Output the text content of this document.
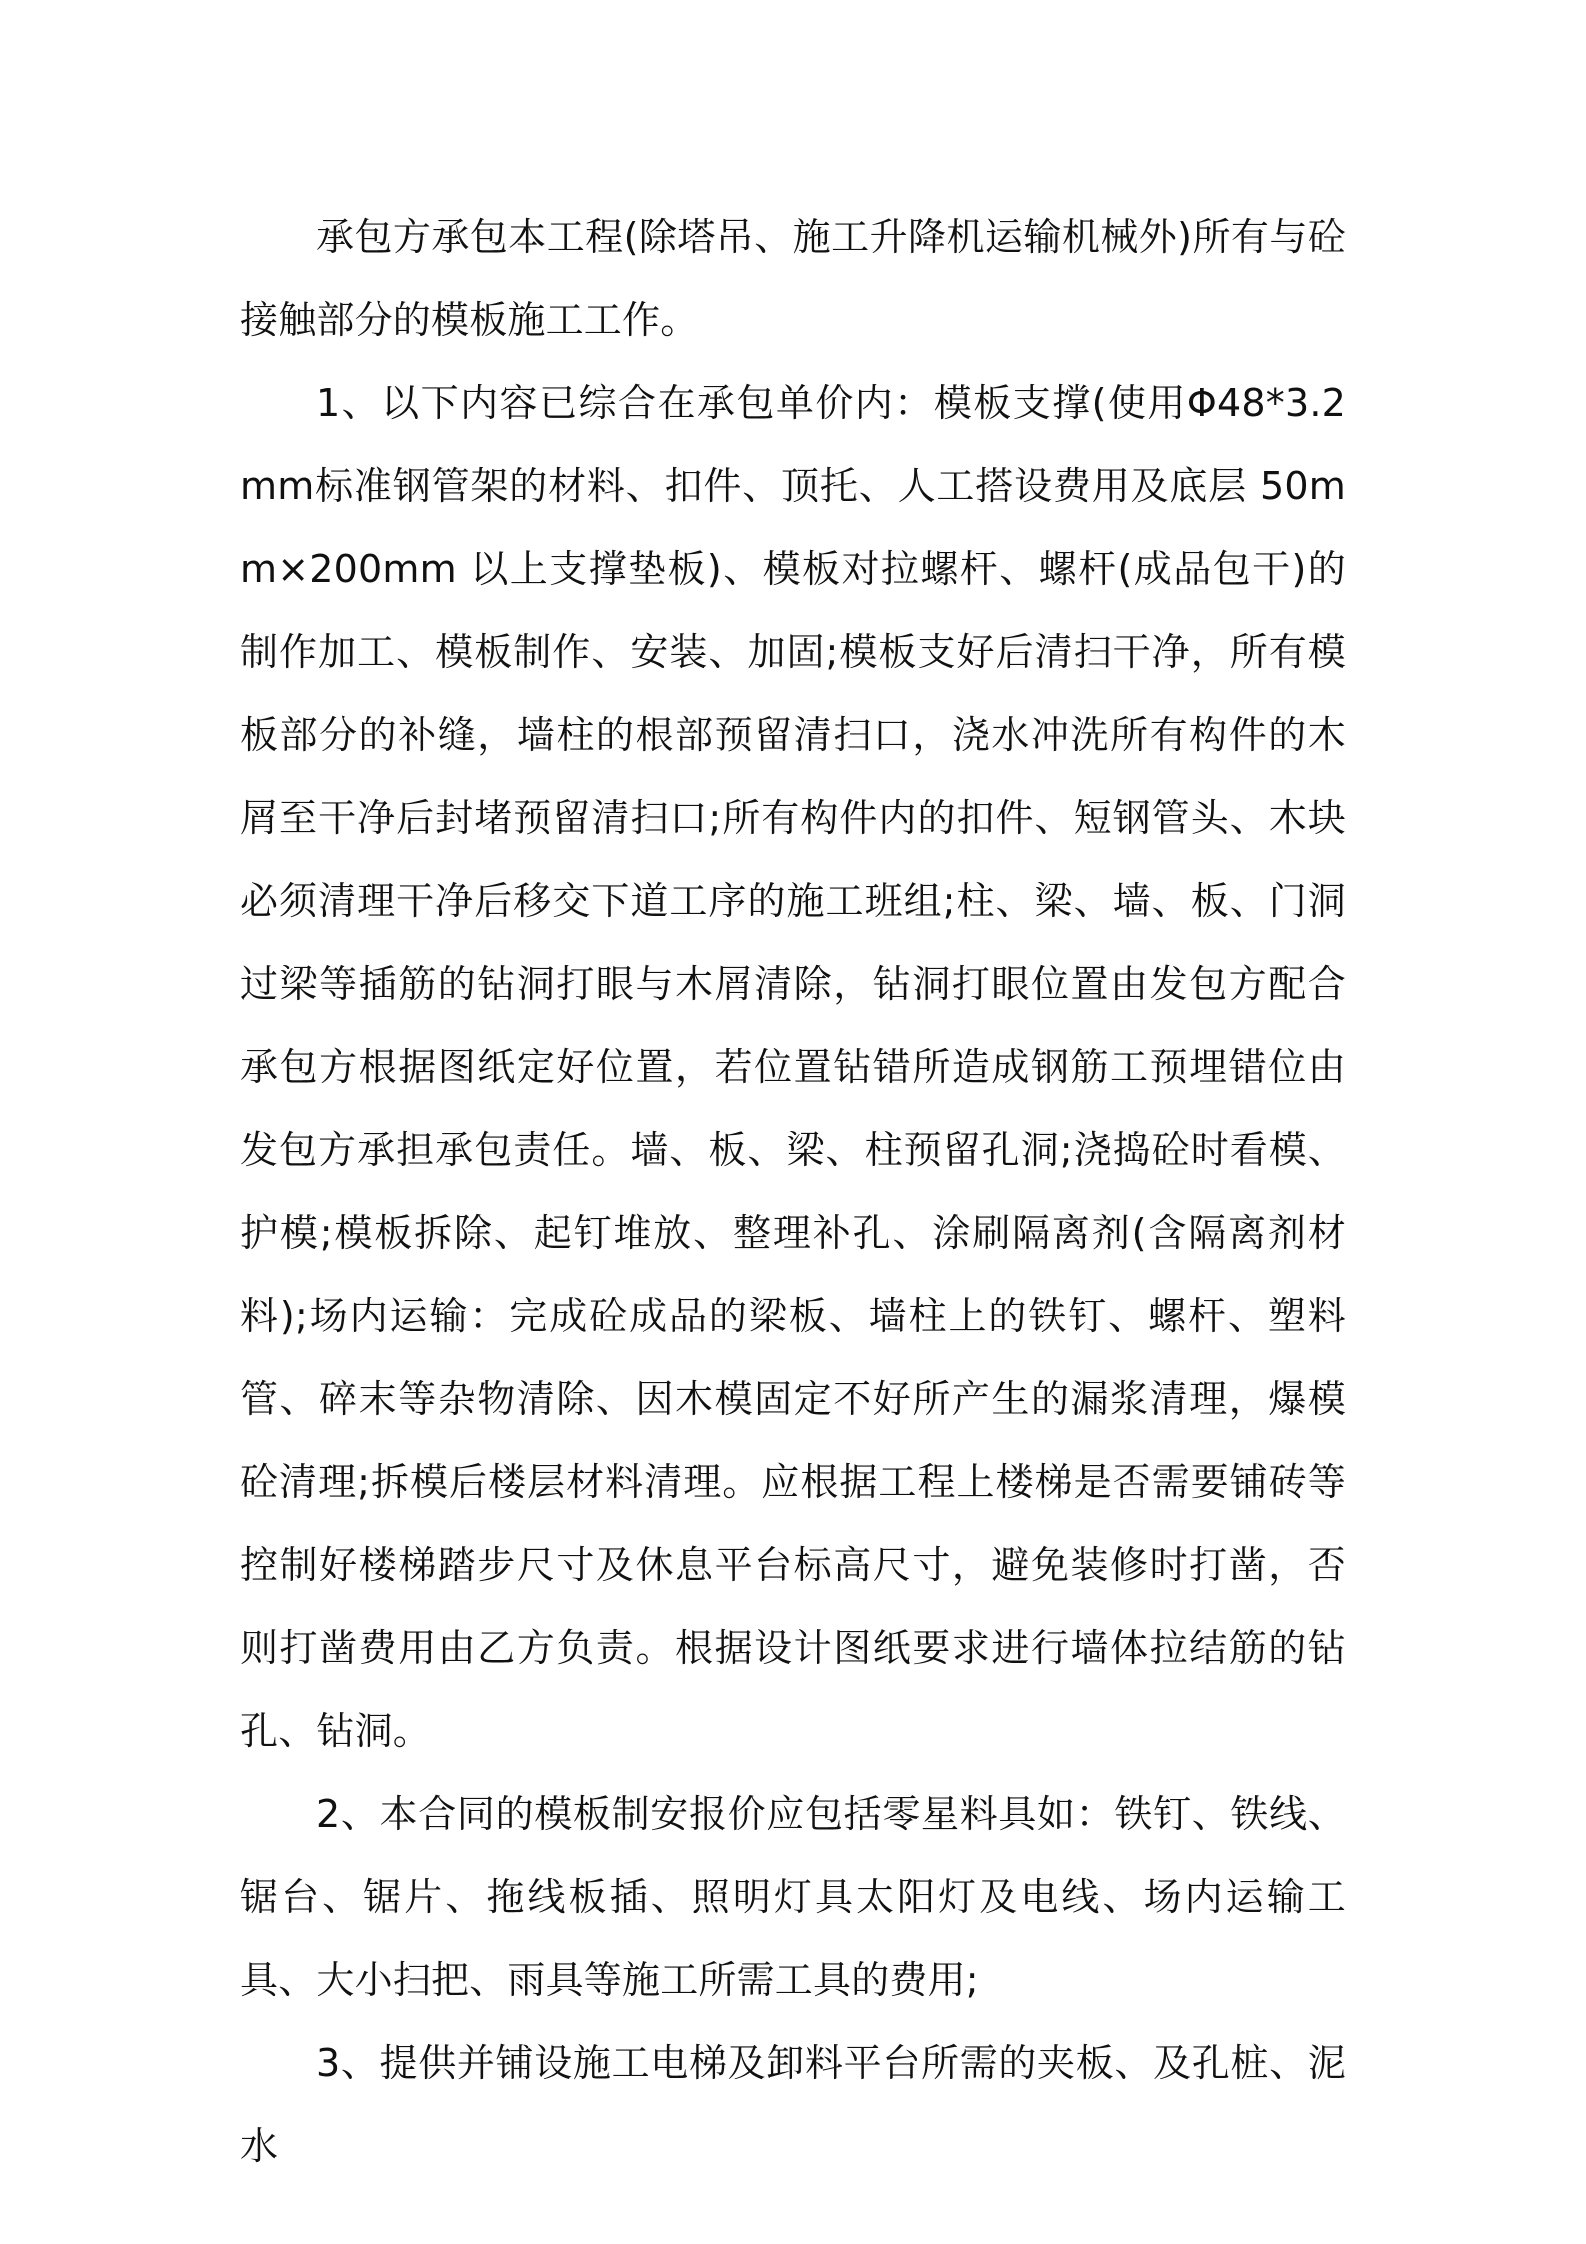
承包方承包本工程(除塔吊、施工升降机运输机械外)所有与砼接触部分的模板施工工作。

1、以下内容已综合在承包单价内：模板支撑(使用Φ48*3.2mm标准钢管架的材料、扣件、顶托、人工搭设费用及底层 50mm×200mm 以上支撑垫板)、模板对拉螺杆、螺杆(成品包干)的制作加工、模板制作、安装、加固;模板支好后清扫干净，所有模板部分的补缝，墙柱的根部预留清扫口，浇水冲洗所有构件的木屑至干净后封堵预留清扫口;所有构件内的扣件、短钢管头、木块必须清理干净后移交下道工序的施工班组;柱、梁、墙、板、门洞过梁等插筋的钻洞打眼与木屑清除，钻洞打眼位置由发包方配合承包方根据图纸定好位置，若位置钻错所造成钢筋工预埋错位由发包方承担承包责任。墙、板、梁、柱预留孔洞;浇捣砼时看模、护模;模板拆除、起钉堆放、整理补孔、涂刷隔离剂(含隔离剂材料);场内运输：完成砼成品的梁板、墙柱上的铁钉、螺杆、塑料管、碎末等杂物清除、因木模固定不好所产生的漏浆清理，爆模砼清理;拆模后楼层材料清理。应根据工程上楼梯是否需要铺砖等控制好楼梯踏步尺寸及休息平台标高尺寸，避免装修时打凿，否则打凿费用由乙方负责。根据设计图纸要求进行墙体拉结筋的钻孔、钻洞。

2、本合同的模板制安报价应包括零星料具如：铁钉、铁线、锯台、锯片、拖线板插、照明灯具太阳灯及电线、场内运输工具、大小扫把、雨具等施工所需工具的费用;

3、提供并铺设施工电梯及卸料平台所需的夹板、及孔桩、泥水
